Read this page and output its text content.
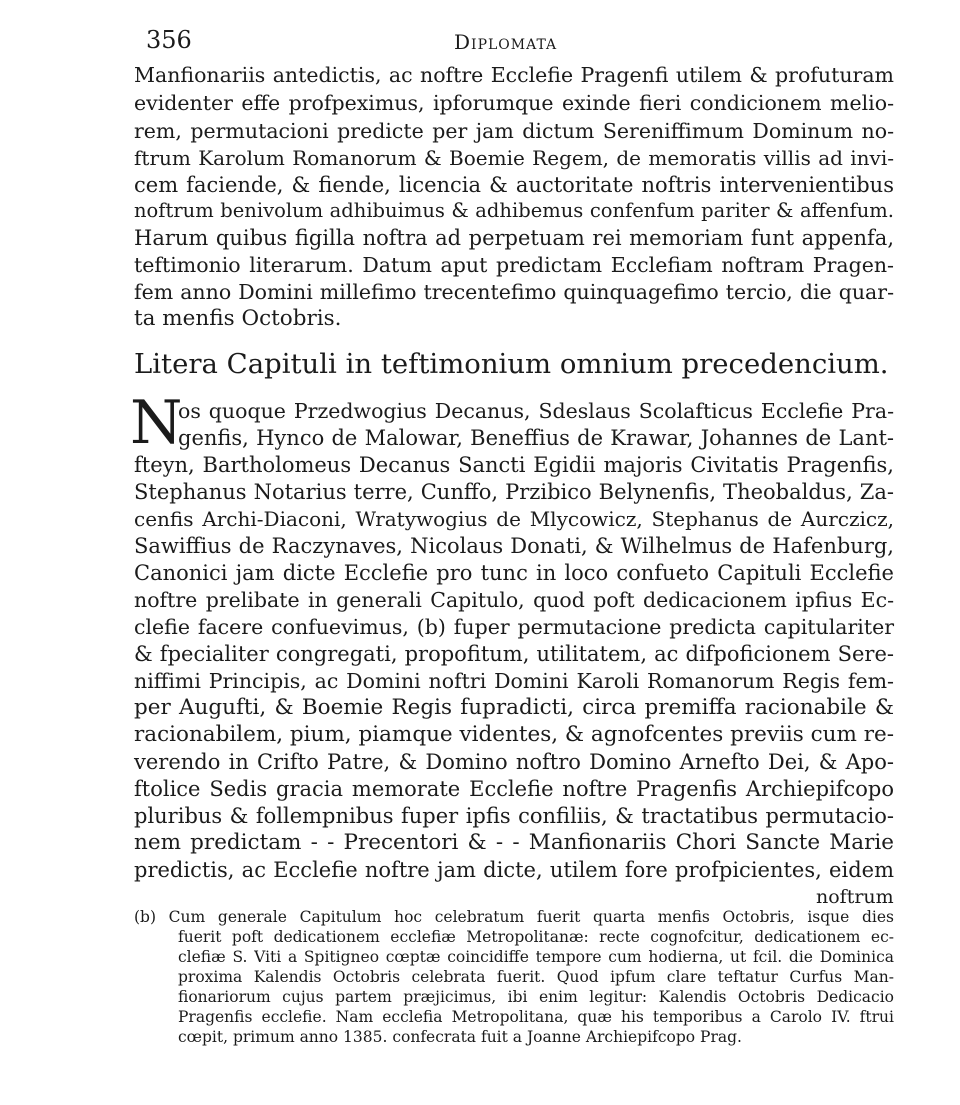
356	Diplomata
Manfionariis antedictis, ac noftre Ecclefie Pragenfi utilem & profuturam
evidenter effe profpeximus, ipforumque exinde fieri condicionem melio-
rem, permutacioni predicte per jam dictum Sereniffimum Dominum no-
ftrum Karolum Romanorum & Boemie Regem, de memoratis villis ad invi-
cem faciende, & fiende, licencia & auctoritate noftris intervenientibus
noftrum benivolum adhibuimus & adhibemus confenfum pariter & affenfum.
Harum quibus figilla noftra ad perpetuam rei memoriam funt appenfa,
teftimonio literarum. Datum aput predictam Ecclefiam noftram Pragen-
fem anno Domini millefimo trecentefimo quinquagefimo tercio, die quar-
ta menfis Octobris.
Litera Capituli in teftimonium omnium precedencium.
N
os quoque Przedwogius Decanus, Sdeslaus Scolafticus Ecclefie Pra-
genfis, Hynco de Malowar, Beneffius de Krawar, Johannes de Lant-
fteyn, Bartholomeus Decanus Sancti Egidii majoris Civitatis Pragenfis,
Stephanus Notarius terre, Cunffo, Przibico Belynenfis, Theobaldus, Za-
cenfis Archi-Diaconi, Wratywogius de Mlycowicz, Stephanus de Aurczicz,
Sawiffius de Raczynaves, Nicolaus Donati, & Wilhelmus de Hafenburg,
Canonici jam dicte Ecclefie pro tunc in loco confueto Capituli Ecclefie
noftre prelibate in generali Capitulo, quod poft dedicacionem ipfius Ec-
clefie facere confuevimus, (b) fuper permutacione predicta capitulariter
& fpecialiter congregati, propofitum, utilitatem, ac difpoficionem Sere-
niffimi Principis, ac Domini noftri Domini Karoli Romanorum Regis fem-
per Augufti, & Boemie Regis fupradicti, circa premiffa racionabile &
racionabilem, pium, piamque videntes, & agnofcentes previis cum re-
verendo in Crifto Patre, & Domino noftro Domino Arnefto Dei, & Apo-
ftolice Sedis gracia memorate Ecclefie noftre Pragenfis Archiepifcopo
pluribus & follempnibus fuper ipfis confiliis, & tractatibus permutacio-
nem predictam - - Precentori & - - Manfionariis Chori Sancte Marie
predictis, ac Ecclefie noftre jam dicte, utilem fore profpicientes, eidem
noftrum
(b) Cum generale Capitulum hoc celebratum fuerit quarta menfis Octobris, isque dies
fuerit poft dedicationem ecclefiæ Metropolitanæ: recte cognofcitur, dedicationem ec-
clefiæ S. Viti a Spitigneo cœptæ coincidiffe tempore cum hodierna, ut fcil. die Dominica
proxima Kalendis Octobris celebrata fuerit. Quod ipfum clare teftatur Curfus Man-
fionariorum cujus partem præjicimus, ibi enim legitur: Kalendis Octobris Dedicacio
Pragenfis ecclefie. Nam ecclefia Metropolitana, quæ his temporibus a Carolo IV. ftrui
cœpit, primum anno 1385. confecrata fuit a Joanne Archiepifcopo Prag.
